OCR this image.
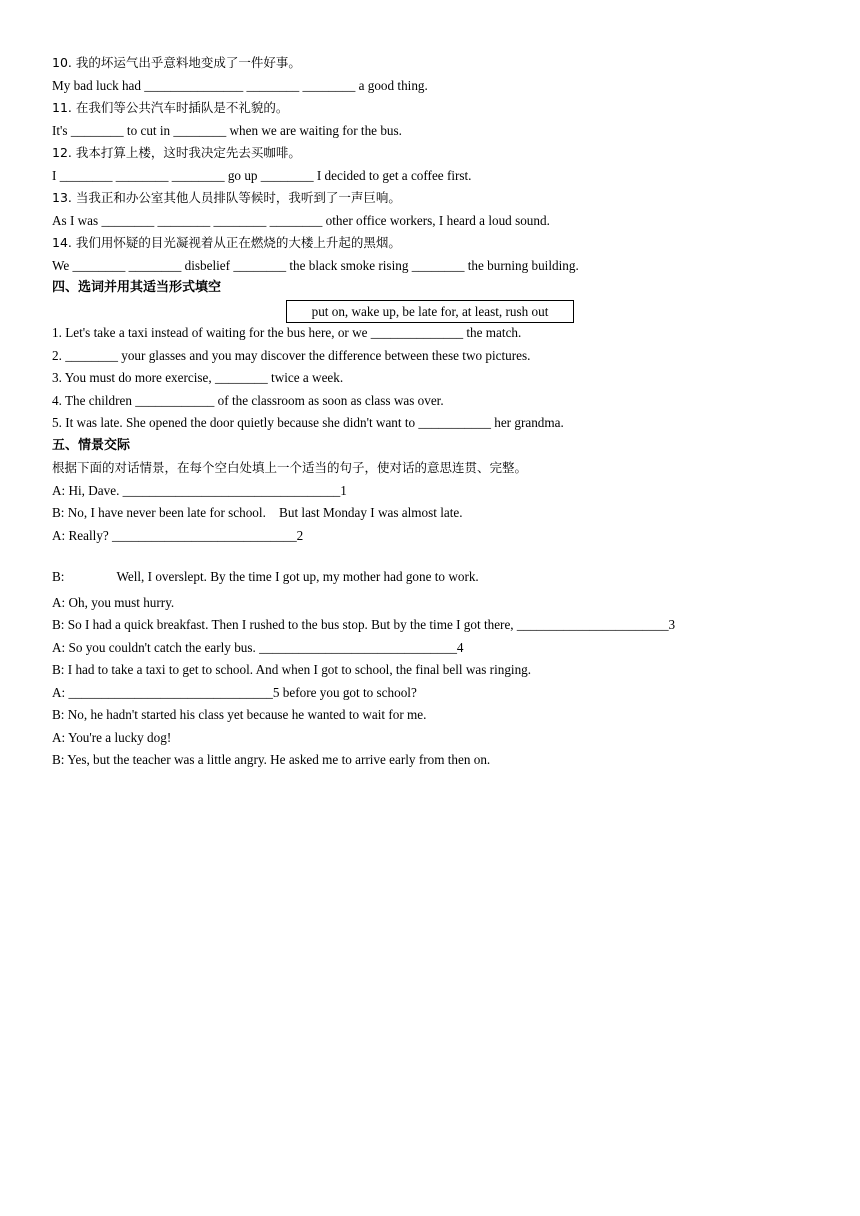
10. 我的坏运气出乎意料地变成了一件好事。
My bad luck had _______________ ________ ________ a good thing.
11. 在我们等公共汽车时插队是不礼貌的。
It's ________ to cut in ________ when we are waiting for the bus.
12. 我本打算上楼，这时我决定先去买咖啡。
I ________ ________ ________ go up ________ I decided to get a coffee first.
13. 当我正和办公室其他人员排队等候时，我听到了一声巨响。
As I was ________ ________ ________ ________ other office workers, I heard a loud sound.
14. 我们用怀疑的目光凝视着从正在燃烧的大楼上升起的黑烟。
We ________ ________ disbelief ________ the black smoke rising ________ the burning building.
四、选词并用其适当形式填空
put on, wake up, be late for, at least, rush out
1. Let's take a taxi instead of waiting for the bus here, or we ______________ the match.
2. ________ your glasses and you may discover the difference between these two pictures.
3. You must do more exercise, ________ twice a week.
4. The children ____________ of the classroom as soon as class was over.
5. It was late. She opened the door quietly because she didn't want to ___________ her grandma.
五、情景交际
根据下面的对话情景，在每个空白处填上一个适当的句子，使对话的意思连贯、完整。
A: Hi, Dave. _________________________________1
B: No, I have never been late for school.    But last Monday I was almost late.
A: Really? ____________________________2
B:	Well, I overslept. By the time I got up, my mother had gone to work.
A: Oh, you must hurry.
B: So I had a quick breakfast. Then I rushed to the bus stop. But by the time I got there, _______________________3
A: So you couldn't catch the early bus. ______________________________4
B: I had to take a taxi to get to school. And when I got to school, the final bell was ringing.
A: _______________________________5 before you got to school?
B: No, he hadn't started his class yet because he wanted to wait for me.
A: You're a lucky dog!
B: Yes, but the teacher was a little angry. He asked me to arrive early from then on.
